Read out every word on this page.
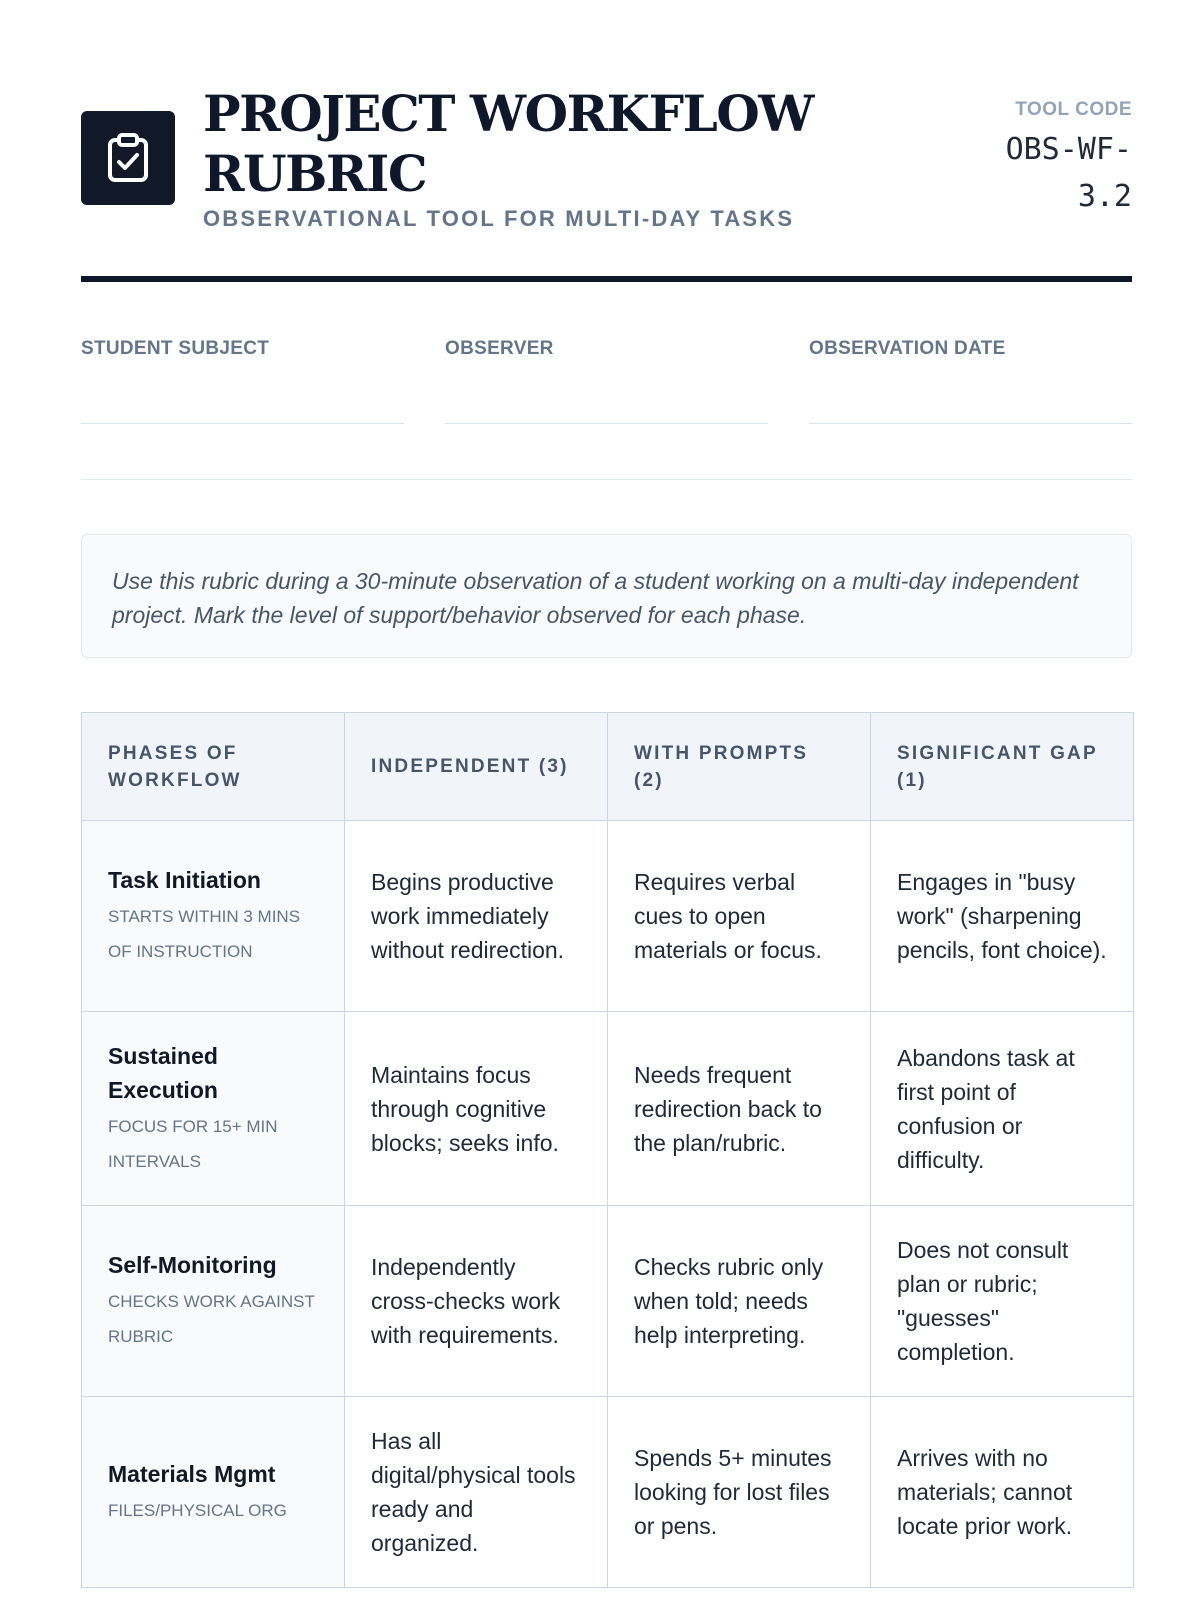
PROJECT WORKFLOW RUBRIC
OBSERVATIONAL TOOL FOR MULTI-DAY TASKS
TOOL CODE
OBS-WF-3.2
STUDENT SUBJECT	OBSERVER	OBSERVATION DATE
Use this rubric during a 30-minute observation of a student working on a multi-day independent project. Mark the level of support/behavior observed for each phase.
PHASES OF WORKFLOW	INDEPENDENT (3)	WITH PROMPTS (2)	SIGNIFICANT GAP (1)

Task Initiation
STARTS WITHIN 3 MINS OF INSTRUCTION	Begins productive work immediately without redirection.	Requires verbal cues to open materials or focus.	Engages in "busy work" (sharpening pencils, font choice).

Sustained Execution
FOCUS FOR 15+ MIN INTERVALS	Maintains focus through cognitive blocks; seeks info.	Needs frequent redirection back to the plan/rubric.	Abandons task at first point of confusion or difficulty.

Self-Monitoring
CHECKS WORK AGAINST RUBRIC	Independently cross-checks work with requirements.	Checks rubric only when told; needs help interpreting.	Does not consult plan or rubric; "guesses" completion.

Materials Mgmt
FILES/PHYSICAL ORG	Has all digital/physical tools ready and organized.	Spends 5+ minutes looking for lost files or pens.	Arrives with no materials; cannot locate prior work.
